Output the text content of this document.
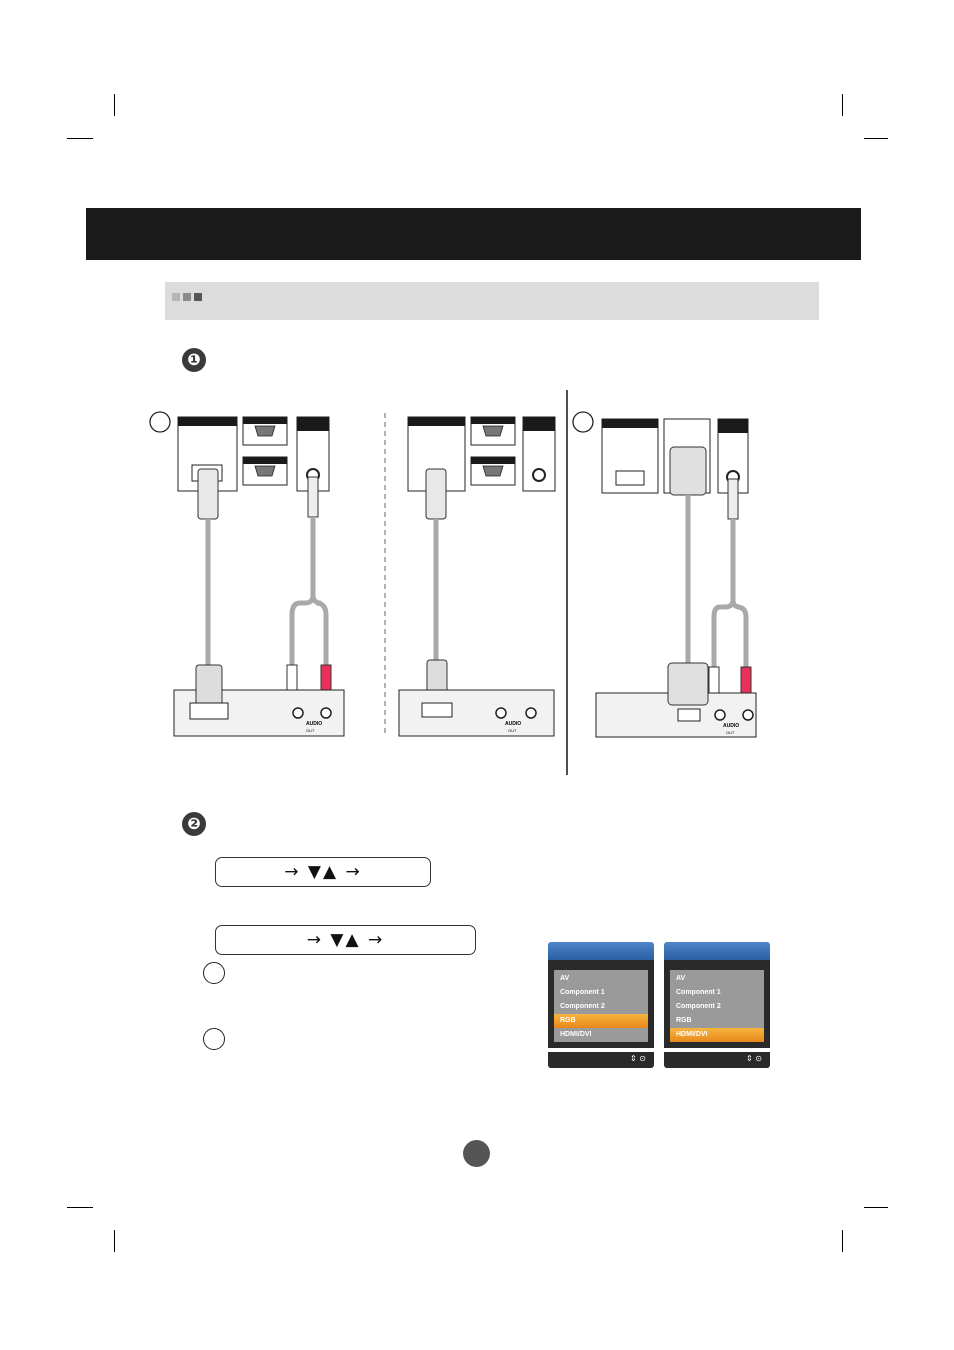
❶
AUDIO
OUT
AUDIO
OUT
AUDIO
OUT
❷
→ ▼▲ →
→ ▼▲ →
AV
Component 1
Component 2
RGB
HDMI/DVI
⇕ ⊙
AV
Component 1
Component 2
RGB
HDMI/DVI
⇕ ⊙
